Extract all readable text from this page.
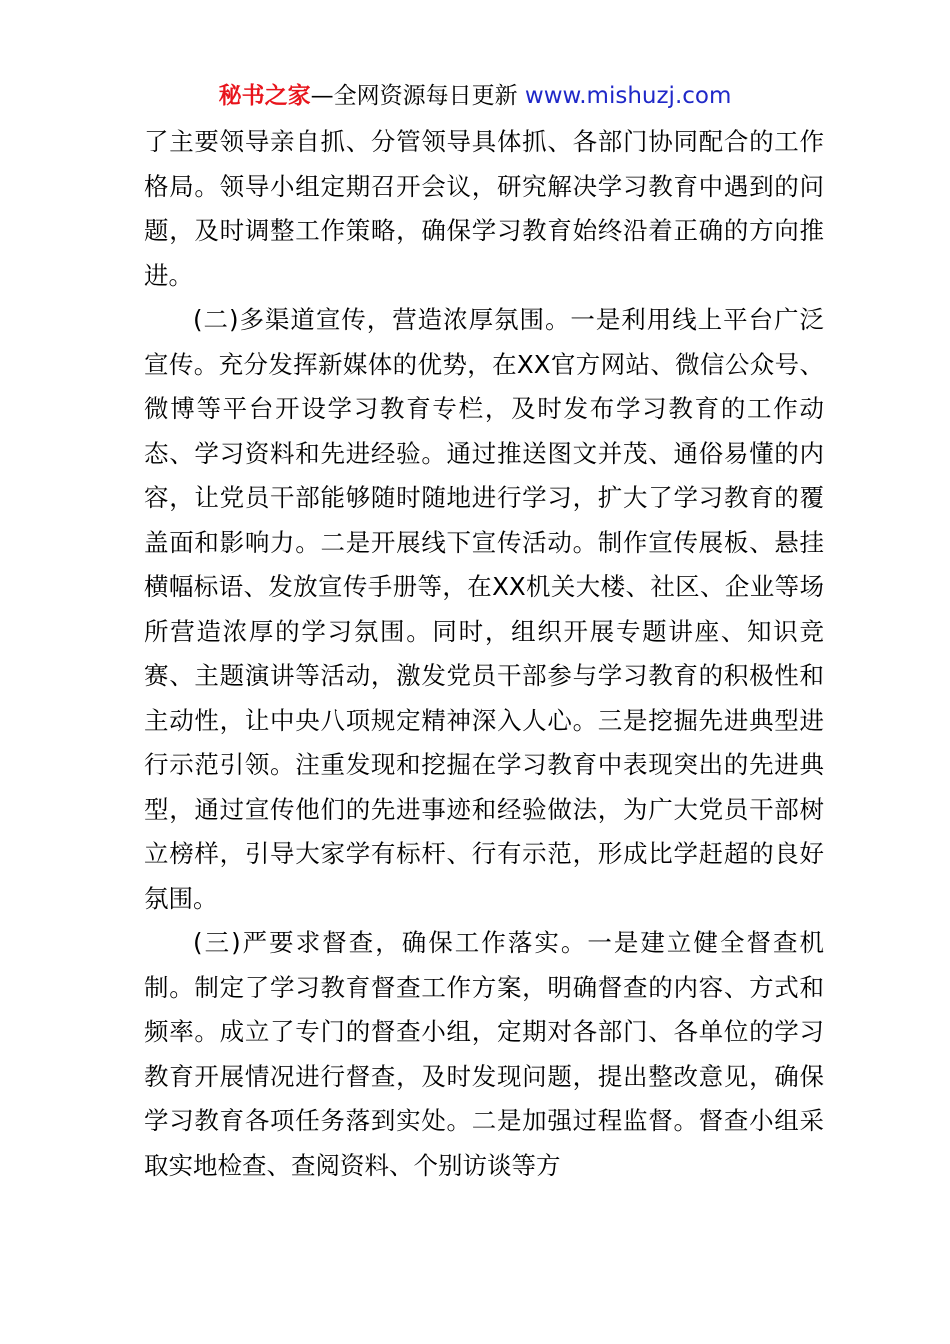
秘书之家—全网资源每日更新 www.mishuzj.com

了主要领导亲自抓、分管领导具体抓、各部门协同配合的工作格局。领导小组定期召开会议，研究解决学习教育中遇到的问题，及时调整工作策略，确保学习教育始终沿着正确的方向推进。

(二)多渠道宣传，营造浓厚氛围。一是利用线上平台广泛宣传。充分发挥新媒体的优势，在XX官方网站、微信公众号、微博等平台开设学习教育专栏，及时发布学习教育的工作动态、学习资料和先进经验。通过推送图文并茂、通俗易懂的内容，让党员干部能够随时随地进行学习，扩大了学习教育的覆盖面和影响力。二是开展线下宣传活动。制作宣传展板、悬挂横幅标语、发放宣传手册等，在XX机关大楼、社区、企业等场所营造浓厚的学习氛围。同时，组织开展专题讲座、知识竞赛、主题演讲等活动，激发党员干部参与学习教育的积极性和主动性，让中央八项规定精神深入人心。三是挖掘先进典型进行示范引领。注重发现和挖掘在学习教育中表现突出的先进典型，通过宣传他们的先进事迹和经验做法，为广大党员干部树立榜样，引导大家学有标杆、行有示范，形成比学赶超的良好氛围。

(三)严要求督查，确保工作落实。一是建立健全督查机制。制定了学习教育督查工作方案，明确督查的内容、方式和频率。成立了专门的督查小组，定期对各部门、各单位的学习教育开展情况进行督查，及时发现问题，提出整改意见，确保学习教育各项任务落到实处。二是加强过程监督。督查小组采取实地检查、查阅资料、个别访谈等方
